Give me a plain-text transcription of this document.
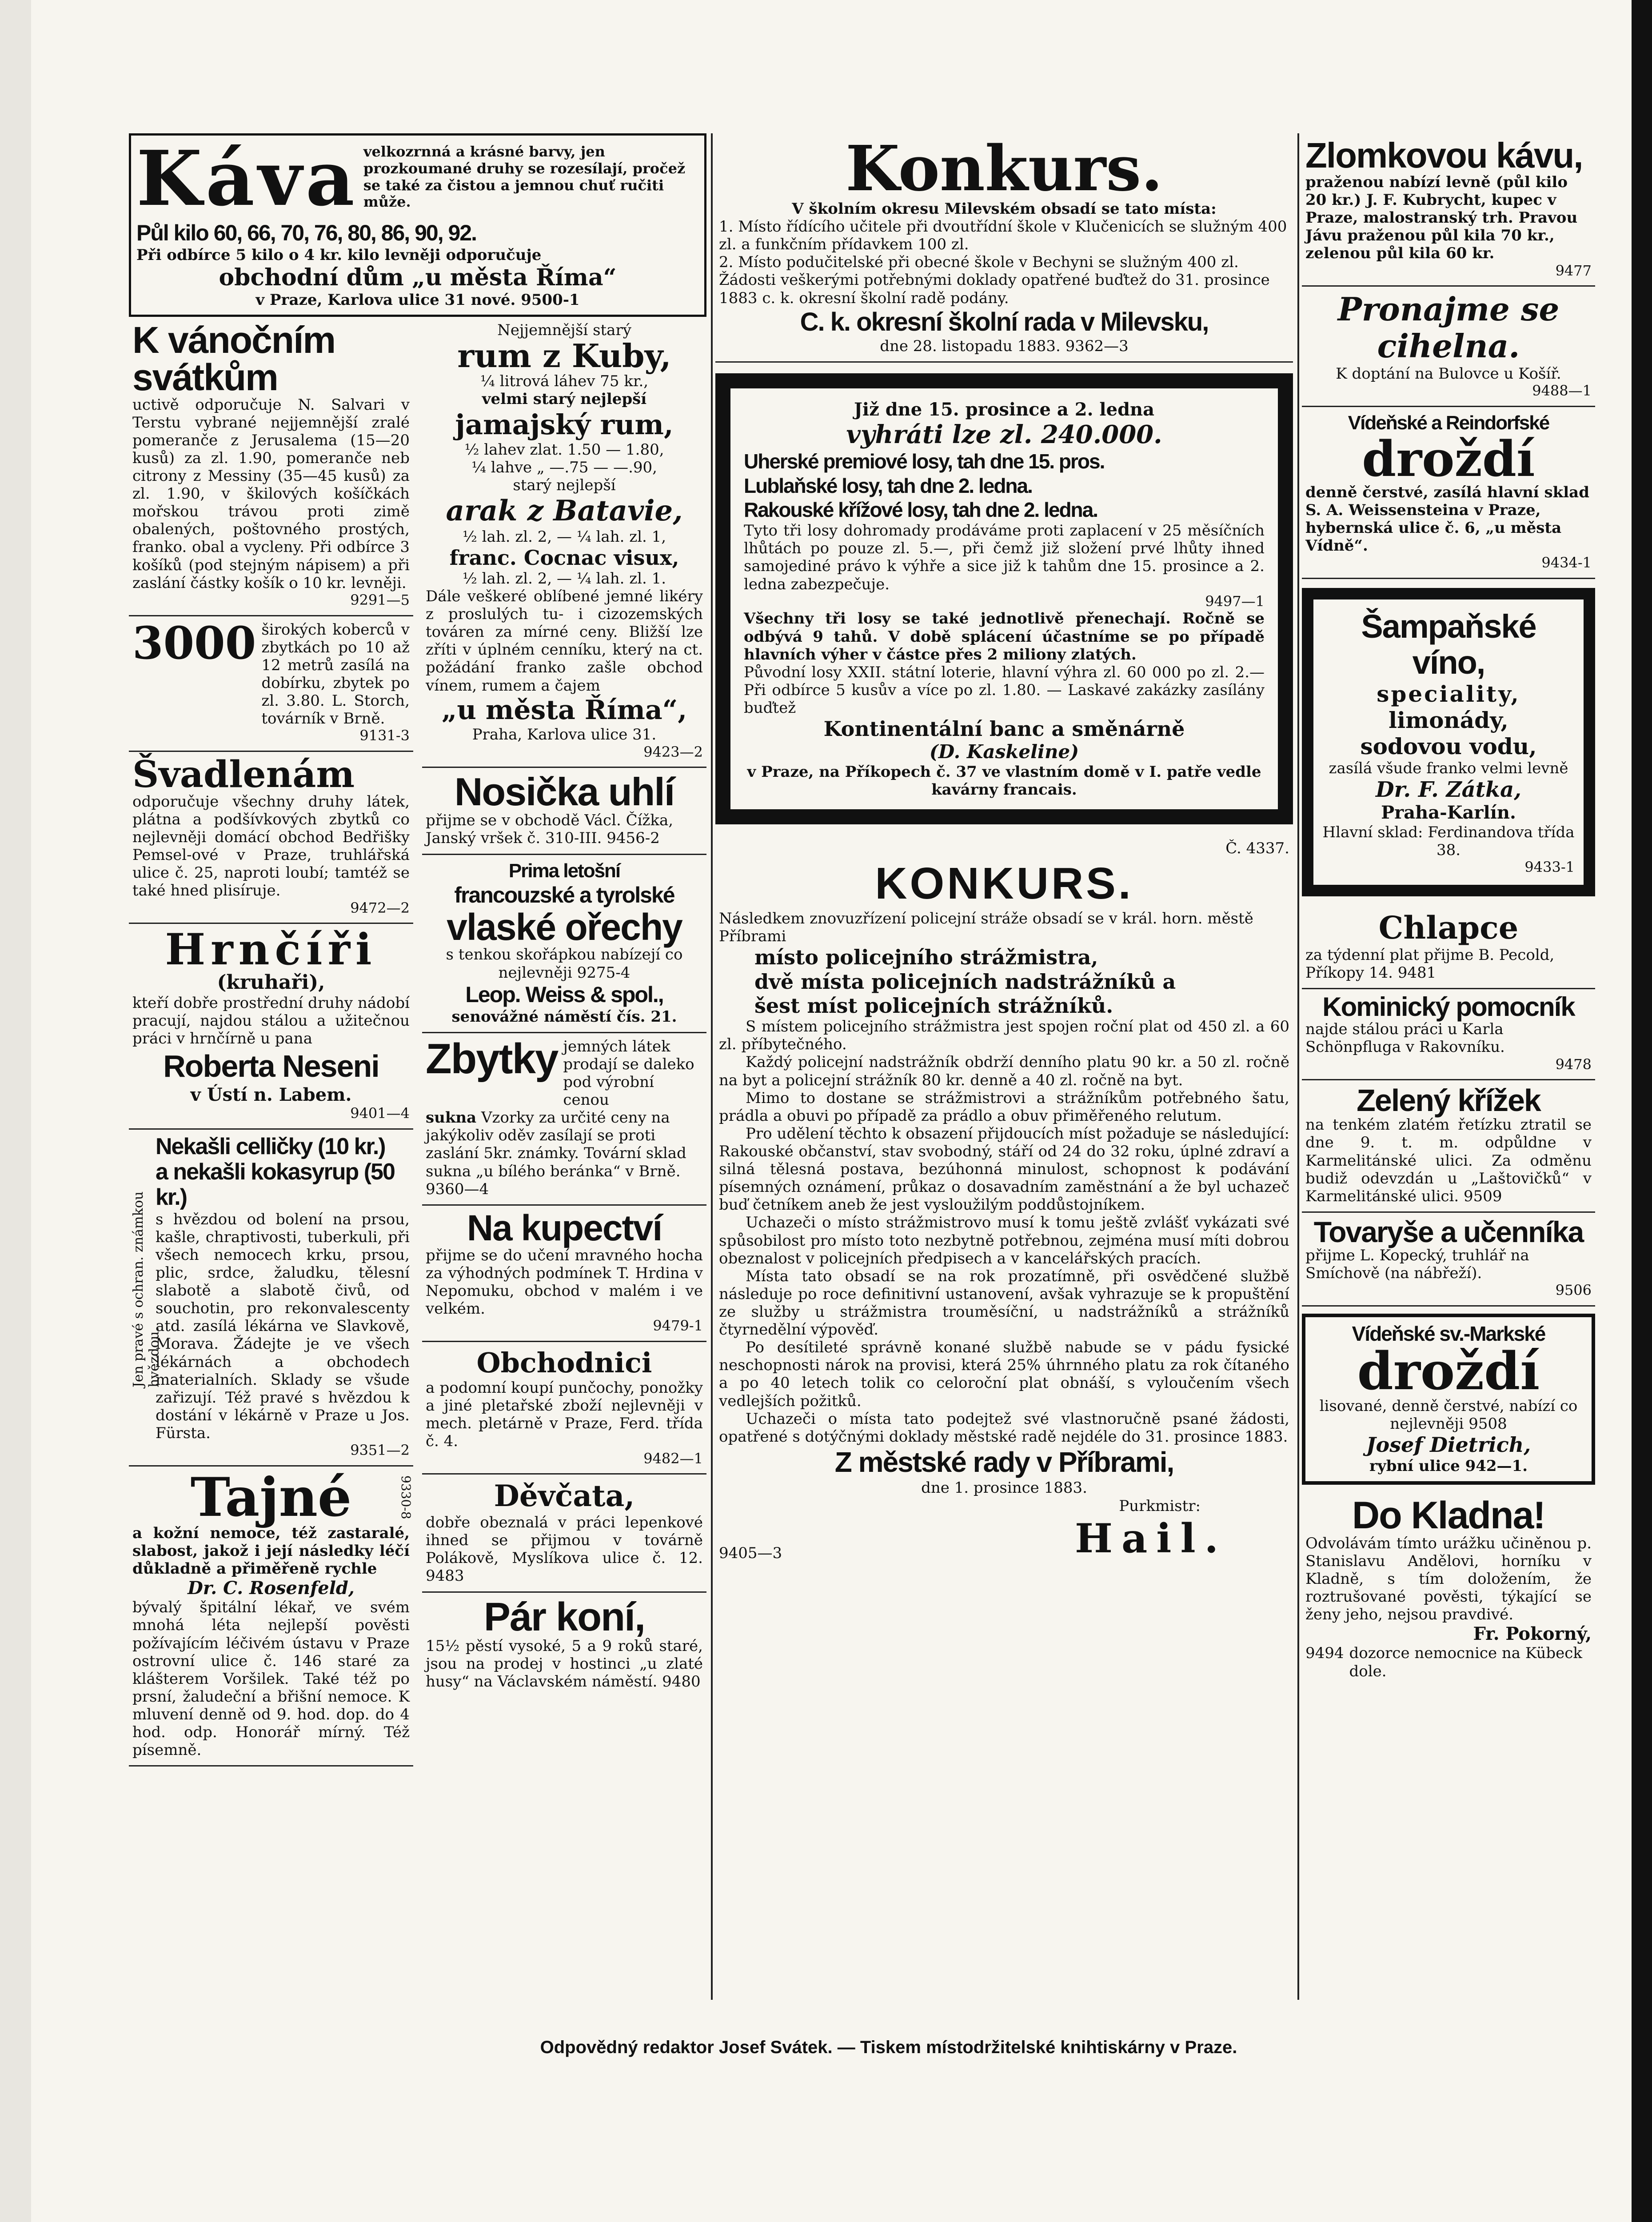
Káva velkozrnná a krásné barvy, jen prozkoumané druhy se rozesílají, pročež se také za čistou a jemnou chuť ručiti může.

Půl kilo 60, 66, 70, 76, 80, 86, 90, 92.

Při odbírce 5 kilo o 4 kr. kilo levněji odporučuje

obchodní dům „u města Říma“

v Praze, Karlova ulice 31 nové. 9500-1

K vánočním svátkům

uctivě odporučuje N. Salvari v Terstu vybrané nejjemnější zralé pomeranče z Jerusalema (15—20 kusů) za zl. 1.90, pomeranče neb citrony z Messiny (35—45 kusů) za zl. 1.90, v škilových košíčkách mořskou trávou proti zimě obalených, poštovného prostých, franko. obal a vycleny. Při odbírce 3 košíků (pod stejným nápisem) a při zaslání částky košík o 10 kr. levněji.

9291—5

3000 širokých koberců v zbytkách po 10 až 12 metrů zasílá na dobírku, zbytek po zl. 3.80. L. Storch, továrník v Brně.

9131-3

Švadlenám

odporučuje všechny druhy látek, plátna a podšívkových zbytků co nejlevněji domácí obchod Bedřišky Pemsel-ové v Praze, truhlářská ulice č. 25, naproti loubí; tamtéž se také hned plisíruje.

9472—2

Hrnčíři

(kruhaři),

kteří dobře prostřední druhy nádobí pracují, najdou stálou a užitečnou práci v hrnčírně u pana

Roberta Neseni

v Ústí n. Labem.

9401—4

Jen pravé s ochran. známkou hvězdou.

Nekašli celličky (10 kr.)

a nekašli kokasyrup (50 kr.)

s hvězdou od bolení na prsou, kašle, chraptivosti, tuberkuli, při všech nemocech krku, prsou, plic, srdce, žaludku, tělesní slabotě a slabotě čivů, od souchotin, pro rekonvalescenty atd. zasílá lékárna ve Slavkově, Morava. Žádejte je ve všech lékárnách a obchodech materialních. Sklady se všude zařizují. Též pravé s hvězdou k dostání v lékárně v Praze u Jos. Fürsta.

9351—2

9330-8

Tajné

a kožní nemoce, též zastaralé, slabost, jakož i její následky léčí důkladně a přiměřeně rychle

Dr. C. Rosenfeld,

bývalý špitální lékař, ve svém mnohá léta nejlepší pověsti požívajícím léčivém ústavu v Praze ostrovní ulice č. 146 staré za klášterem Voršilek. Také též po prsní, žaludeční a břišní nemoce. K mluvení denně od 9. hod. dop. do 4 hod. odp. Honorář mírný. Též písemně.

Nejjemnější starý

rum z Kuby,

¼ litrová láhev 75 kr.,

velmi starý nejlepší

jamajský rum,

½ lahev zlat. 1.50 — 1.80,

¼ lahve „ —.75 — —.90,

starý nejlepší

arak z Batavie,

½ lah. zl. 2, — ¼ lah. zl. 1,

franc. Cocnac visux,

½ lah. zl. 2, — ¼ lah. zl. 1.

Dále veškeré oblíbené jemné likéry z proslulých tu- i cizozemských továren za mírné ceny. Bližší lze zříti v úplném cenníku, který na ct. požádání franko zašle obchod vínem, rumem a čajem

„u města Říma“,

Praha, Karlova ulice 31.

9423—2

Nosička uhlí

přijme se v obchodě Václ. Čížka, Janský vršek č. 310-III. 9456-2

Prima letošní

francouzské a tyrolské

vlaské ořechy

s tenkou skořápkou nabízejí co nejlevněji 9275-4

Leop. Weiss & spol.,

senovážné náměstí čís. 21.

Zbytky jemných látek prodají se daleko pod výrobní cenou

sukna Vzorky za určité ceny na jakýkoliv oděv zasílají se proti zaslání 5kr. známky. Tovární sklad sukna „u bílého beránka“ v Brně. 9360—4

Na kupectví

přijme se do učení mravného hocha za výhodných podmínek T. Hrdina v Nepomuku, obchod v malém i ve velkém.

9479-1

Obchodnici

a podomní koupí punčochy, ponožky a jiné pletařské zboží nejlevněji v mech. pletárně v Praze, Ferd. třída č. 4.

9482—1

Děvčata,

dobře obeznalá v práci lepenkové ihned se přijmou v továrně Polákově, Myslíkova ulice č. 12. 9483

Pár koní,

15½ pěstí vysoké, 5 a 9 roků staré, jsou na prodej v hostinci „u zlaté husy“ na Václavském náměstí. 9480

Konkurs.

V školním okresu Milevském obsadí se tato místa:

1. Místo řídícího učitele při dvoutřídní škole v Klučenicích se služným 400 zl. a funkčním přídavkem 100 zl.

2. Místo podučitelské při obecné škole v Bechyni se služným 400 zl.

Žádosti veškerými potřebnými doklady opatřené buďtež do 31. prosince 1883 c. k. okresní školní radě podány.

C. k. okresní školní rada v Milevsku,

dne 28. listopadu 1883. 9362—3

Již dne 15. prosince a 2. ledna

vyhráti lze zl. 240.000.

Uherské premiové losy, tah dne 15. pros.

Lublaňské losy, tah dne 2. ledna.

Rakouské křížové losy, tah dne 2. ledna.

Tyto tři losy dohromady prodáváme proti zaplacení v 25 měsíčních lhůtách po pouze zl. 5.—, při čemž již složení prvé lhůty ihned samojediné právo k výhře a sice již k tahům dne 15. prosince a 2. ledna zabezpečuje.

9497—1

Všechny tři losy se také jednotlivě přenechají. Ročně se odbývá 9 tahů. V době splácení účastníme se po případě hlavních výher v částce přes 2 miliony zlatých.

Původní losy XXII. státní loterie, hlavní výhra zl. 60 000 po zl. 2.— Při odbírce 5 kusův a více po zl. 1.80. — Laskavé zakázky zasílány buďtež

Kontinentální banc a směnárně

(D. Kaskeline)

v Praze, na Příkopech č. 37 ve vlastním domě v I. patře vedle kavárny francais.

Č. 4337.

KONKURS.

Následkem znovuzřízení policejní stráže obsadí se v král. horn. městě Příbrami

místo policejního strážmistra,

dvě místa policejních nadstrážníků a

šest míst policejních strážníků.

S místem policejního strážmistra jest spojen roční plat od 450 zl. a 60 zl. příbytečného.

Každý policejní nadstrážník obdrží denního platu 90 kr. a 50 zl. ročně na byt a policejní strážník 80 kr. denně a 40 zl. ročně na byt.

Mimo to dostane se strážmistrovi a strážníkům potřebného šatu, prádla a obuvi po případě za prádlo a obuv přiměřeného relutum.

Pro udělení těchto k obsazení přijdoucích míst požaduje se následující: Rakouské občanství, stav svobodný, stáří od 24 do 32 roku, úplné zdraví a silná tělesná postava, bezúhonná minulost, schopnost k podávání písemných oznámení, průkaz o dosavadním zaměstnání a že byl uchazeč buď četníkem aneb že jest vysloužilým poddůstojníkem.

Uchazeči o místo strážmistrovo musí k tomu ještě zvlášť vykázati své spůsobilost pro místo toto nezbytně potřebnou, zejména musí míti dobrou obeznalost v policejních předpisech a v kancelářských pracích.

Místa tato obsadí se na rok prozatímně, při osvědčené službě následuje po roce definitivní ustanovení, avšak vyhrazuje se k propuštění ze služby u strážmistra trouměsíční, u nadstrážníků a strážníků čtyrnedělní výpověď.

Po desítileté správně konané službě nabude se v pádu fysické neschopnosti nárok na provisi, která 25% úhrnného platu za rok čítaného a po 40 letech tolik co celoroční plat obnáší, s vyloučením všech vedlejších požitků.

Uchazeči o místa tato podejtež své vlastnoručně psané žádosti, opatřené s dotýčnými doklady městské radě nejdéle do 31. prosince 1883.

Z městské rady v Příbrami,

dne 1. prosince 1883.

Purkmistr:

9405—3	Hail.

Zlomkovou kávu,

praženou nabízí levně (půl kilo 20 kr.) J. F. Kubrycht, kupec v Praze, malostranský trh. Pravou Jávu praženou půl kila 70 kr., zelenou půl kila 60 kr.

9477

Pronajme se cihelna.

K doptání na Bulovce u Košíř.

9488—1

Vídeňské a Reindorfské

droždí

denně čerstvé, zasílá hlavní sklad S. A. Weissensteina v Praze, hybernská ulice č. 6, „u města Vídně“.

9434-1

Šampaňské víno,

speciality,

limonády,

sodovou vodu,

zasílá všude franko velmi levně

Dr. F. Zátka,

Praha-Karlín.

Hlavní sklad: Ferdinandova třída 38.

9433-1

Chlapce

za týdenní plat přijme B. Pecold, Příkopy 14. 9481

Kominický pomocník

najde stálou práci u Karla Schönpfluga v Rakovníku.

9478

Zelený křížek

na tenkém zlatém řetízku ztratil se dne 9. t. m. odpůldne v Karmelitánské ulici. Za odměnu budiž odevzdán u „Laštovičků“ v Karmelitánské ulici. 9509

Tovaryše a učenníka

přijme L. Kopecký, truhlář na Smíchově (na nábřeží).

9506

Vídeňské sv.-Markské

droždí

lisované, denně čerstvé, nabízí co nejlevněji 9508

Josef Dietrich,

rybní ulice 942—1.

Do Kladna!

Odvolávám tímto urážku učiněnou p. Stanislavu Andělovi, horníku v Kladně, s tím doložením, že roztrušované pověsti, týkající se ženy jeho, nejsou pravdivé.

Fr. Pokorný,

9494 dozorce nemocnice na Kübeck dole.
Odpovědný redaktor Josef Svátek. — Tiskem místodržitelské knihtiskárny v Praze.
